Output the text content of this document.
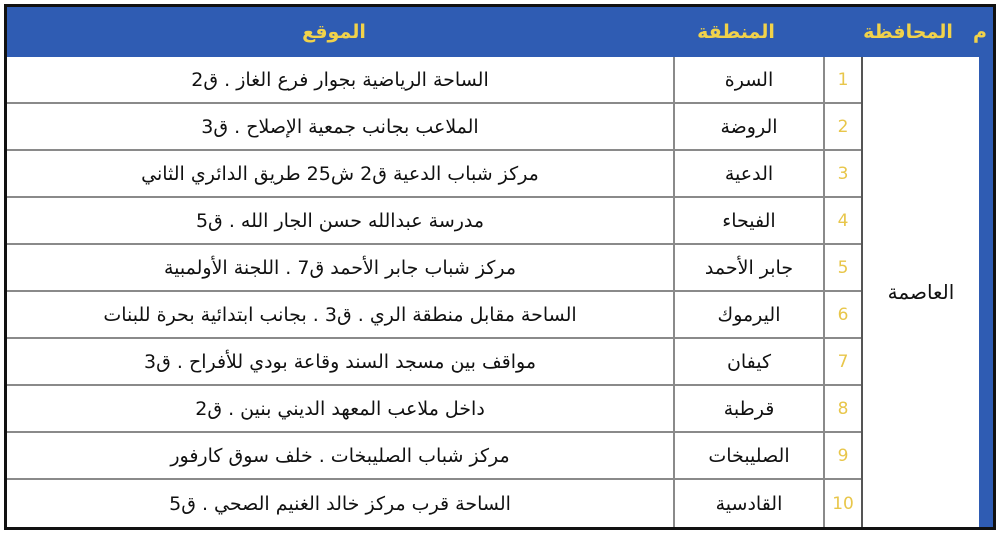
م
المحافظة
المنطقة
الموقع
العاصمة
1
السرة
الساحة الرياضية بجوار فرع الغاز . ق2
2
الروضة
الملاعب بجانب جمعية الإصلاح . ق3
3
الدعية
مركز شباب الدعية ق2 ش25 طريق الدائري الثاني
4
الفيحاء
مدرسة عبدالله حسن الجار الله . ق5
5
جابر الأحمد
مركز شباب جابر الأحمد ق7 . اللجنة الأولمبية
6
اليرموك
الساحة مقابل منطقة الري . ق3 . بجانب ابتدائية بحرة للبنات
7
كيفان
مواقف بين مسجد السند وقاعة بودي للأفراح . ق3
8
قرطبة
داخل ملاعب المعهد الديني بنين . ق2
9
الصليبخات
مركز شباب الصليبخات . خلف سوق كارفور
10
القادسية
الساحة قرب مركز خالد الغنيم الصحي . ق5
